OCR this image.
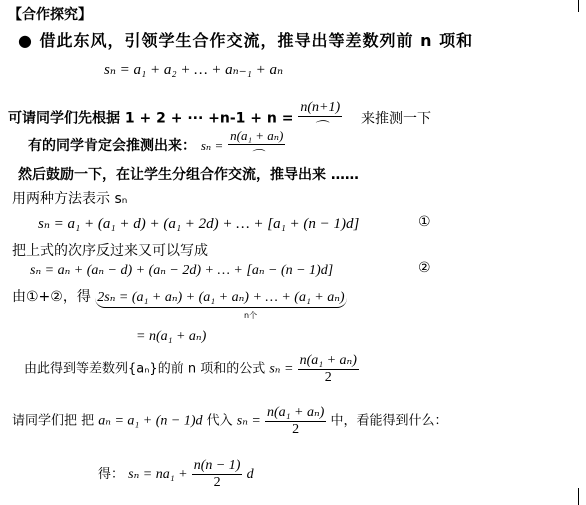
【合作探究】
● 借此东风，引领学生合作交流，推导出等差数列前 n 项和
sₙ = a₁ + a₂ + … + aₙ₋₁ + aₙ
可请同学们先根据 1 + 2 + ··· $+n-1 + n = \frac{n(n+1)}{⌒}$ 来推测一下
有的同学肯定会推测出来： $s_n = \frac{\text{n(a₁ + aₙ)}}{⌒}$
然后鼓励一下，在让学生分组合作交流，推导出来 ……
用两种方法表示 sₙ
sₙ = a₁ + (a₁ + d) + (a₁ + 2d) + … + [a₁ + (n − 1)d]	①
把上式的次序反过来又可以写成
sₙ = aₙ + (aₙ − d) + (aₙ − 2d) + … + [aₙ − (n − 1)d]	②
由①+②，得 2sₙ = (a₁ + aₙ) + (a₁ + aₙ) + … + (a₁ + aₙ)
n个
= n(a₁ + aₙ)
由此得到等差数列{aₙ}的前 n 项和的公式 $s_n = \frac{\text{n(a₁ + aₙ)}}{2}$
请同学们把 把 aₙ = a₁ + (n − 1)d 代入 $s_n = \frac{\text{n(a₁ + aₙ)}}{2}$ 中，看能得到什么：
得： $s_n = na_1 + \frac{n(n - 1)}{2}$ d
